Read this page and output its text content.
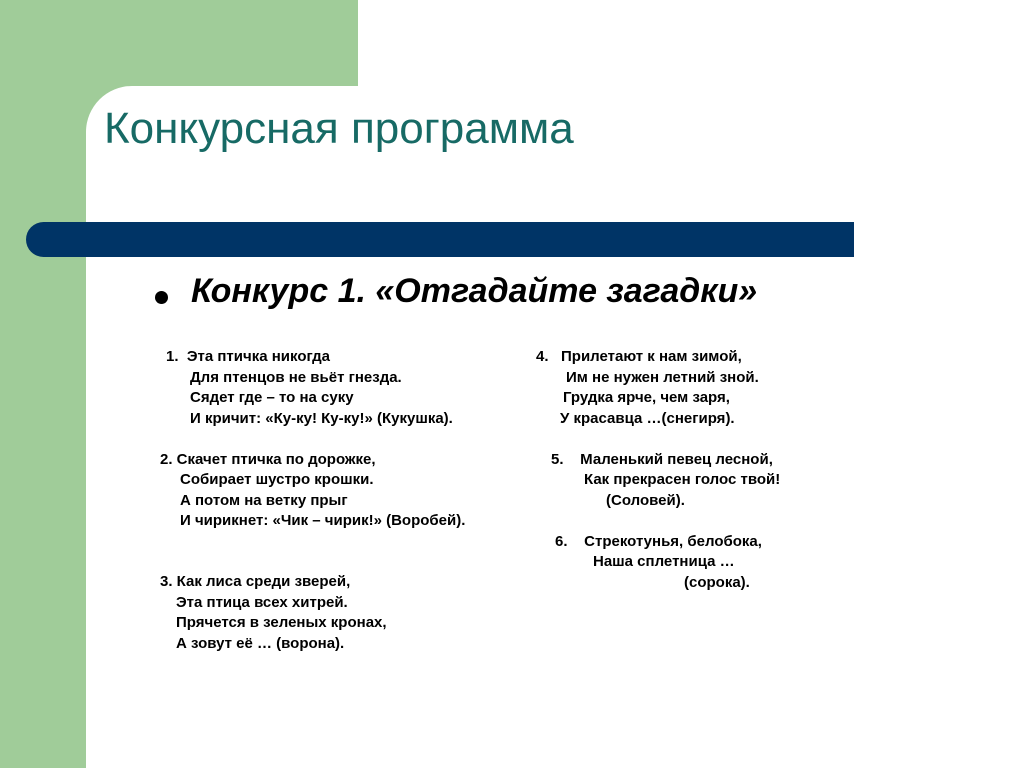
Конкурсная программа
Конкурс 1. «Отгадайте загадки»

1.  Эта птичка никогда

Для птенцов не вьёт гнезда.

Сядет где – то на суку

И кричит: «Ку-ку! Ку-ку!» (Кукушка).

2. Скачет птичка по дорожке,

Собирает шустро крошки.

А потом на ветку прыг

И чирикнет: «Чик – чирик!» (Воробей).

3. Как лиса среди зверей,

Эта птица всех хитрей.

Прячется в зеленых кронах,

А зовут её … (ворона).

4.   Прилетают к нам зимой,

Им не нужен летний зной.

Грудка ярче, чем заря,

У красавца …(снегиря).

5.    Маленький певец лесной,

Как прекрасен голос твой!

(Соловей).

6.    Стрекотунья, белобока,

Наша сплетница …

(сорока).
